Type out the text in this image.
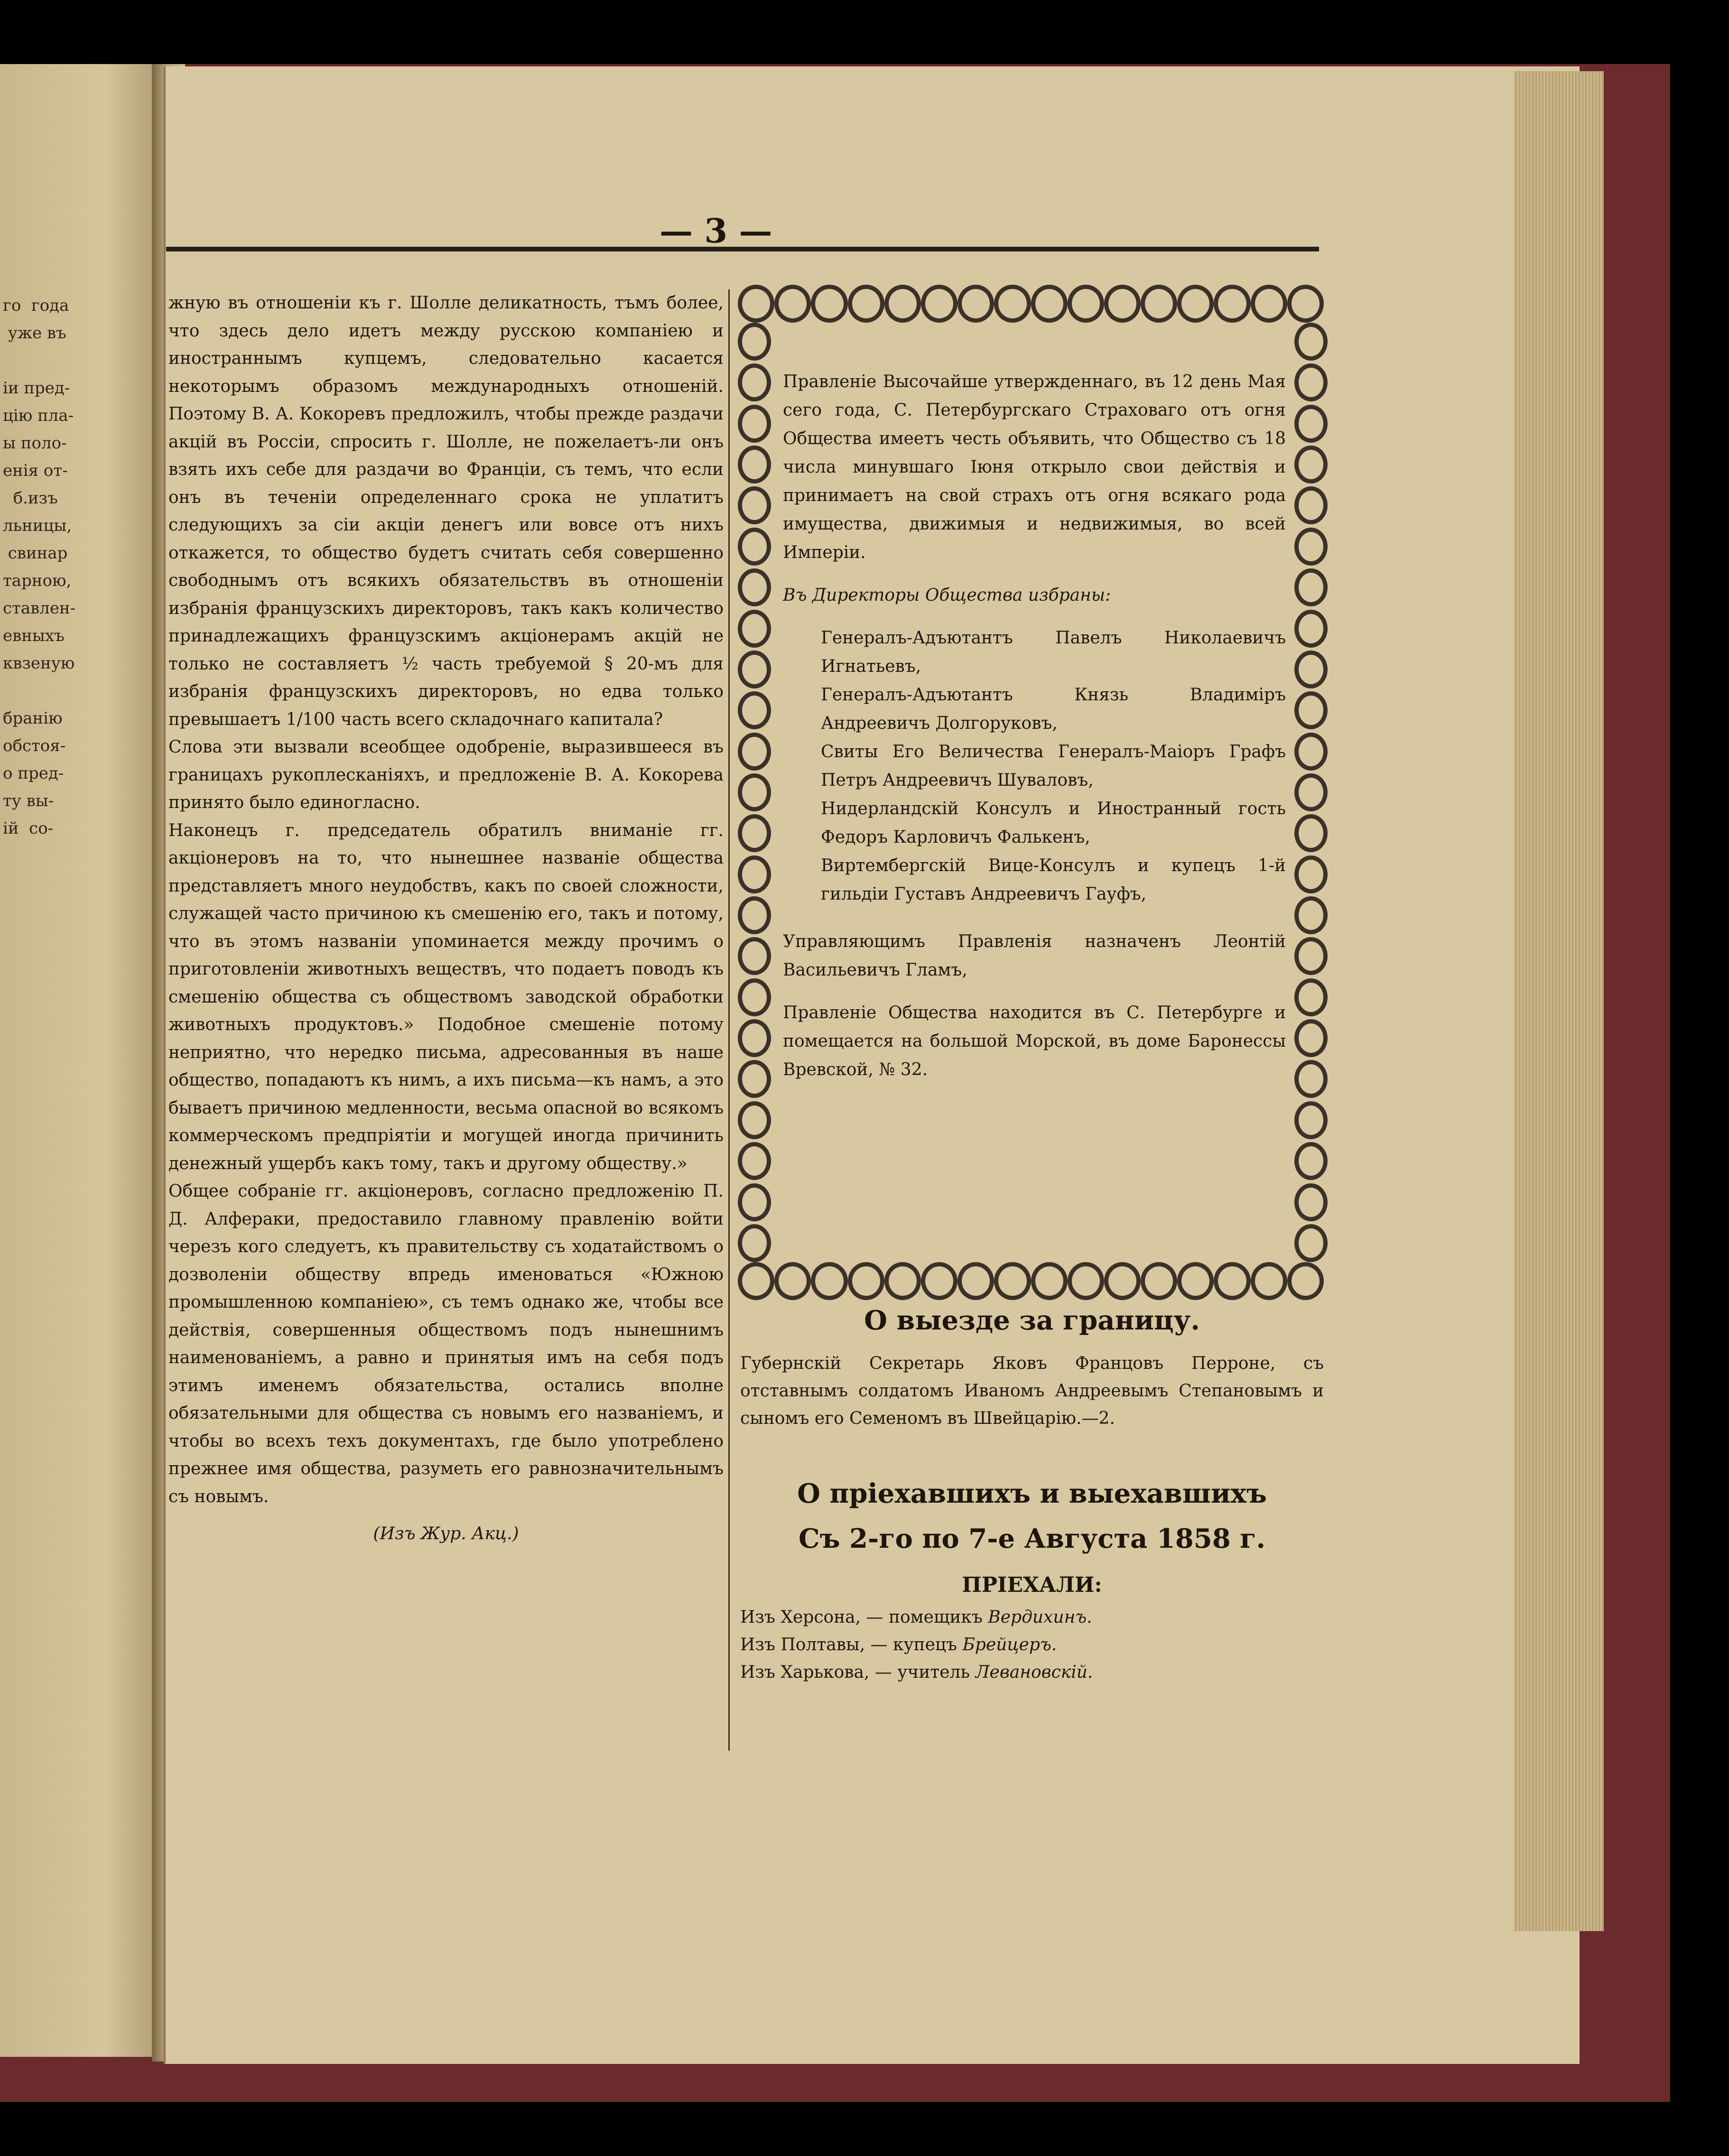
го  года
уже въ

iи пред-
цію пла-
ы поло-
енiя от-
б.изъ
льницы,
свинар
тарною,
ставлен-
евныхъ
квзеную

бранію
обстоя-
о пред-
ту вы-
iй  со-
— 3 —

жную въ отношенiи къ г. Шолле деликатность, тъмъ более, что здесь дело идетъ между русскою компанiею и иностраннымъ купцемъ, следовательно касается некоторымъ образомъ международныхъ отношенiй. Поэтому В. А. Кокоревъ предложилъ, чтобы прежде раздачи акцiй въ Россiи, спросить г. Шолле, не пожелаетъ-ли онъ взять ихъ себе для раздачи во Францiи, съ темъ, что если онъ въ теченiи определеннаго срока не уплатитъ следующихъ за сiи акцiи денегъ или вовсе отъ нихъ откажется, то общество будетъ считать себя совершенно свободнымъ отъ всякихъ обязательствъ въ отношенiи избранiя французскихъ директоровъ, такъ какъ количество принадлежащихъ французскимъ акцiонерамъ акцiй не только не составляетъ ½ часть требуемой § 20-мъ для избранiя французскихъ директоровъ, но едва только превышаетъ 1/100 часть всего складочнаго капитала?

Слова эти вызвали всеобщее одобренiе, выразившееся въ границахъ рукоплесканiяхъ, и предложенiе В. А. Кокорева принято было единогласно.

Наконецъ г. председатель обратилъ вниманiе гг. акцiонеровъ на то, что нынешнее названiе общества представляетъ много неудобствъ, какъ по своей сложности, служащей часто причиною къ смешенiю его, такъ и потому, что въ этомъ названiи упоминается между прочимъ о приготовленiи животныхъ веществъ, что подаетъ поводъ къ смешенiю общества съ обществомъ заводской обработки животныхъ продуктовъ.» Подобное смешенiе потому неприятно, что нередко письма, адресованныя въ наше общество, попадаютъ къ нимъ, а ихъ письма—къ намъ, а это бываетъ причиною медленности, весьма опасной во всякомъ коммерческомъ предпрiятiи и могущей иногда причинить денежный ущербъ какъ тому, такъ и другому обществу.»

Общее собранiе гг. акцiонеровъ, согласно предложенiю П. Д. Алфераки, предоставило главному правленiю войти черезъ кого следуетъ, къ правительству съ ходатайствомъ о дозволенiи обществу впредь именоваться «Южною промышленною компанiею», съ темъ однако же, чтобы все действiя, совершенныя обществомъ подъ нынешнимъ наименованiемъ, а равно и принятыя имъ на себя подъ этимъ именемъ обязательства, остались вполне обязательными для общества съ новымъ его названiемъ, и чтобы во всехъ техъ документахъ, где было употреблено прежнее имя общества, разуметь его равнозначительнымъ съ новымъ.

(Изъ Жур. Акц.)

Правленiе Высочайше утвержденнаго, въ 12 день Мая сего года, С. Петербургскаго Страховаго отъ огня Общества имеетъ честь объявить, что Общество съ 18 числа минувшаго Iюня открыло свои действiя и принимаетъ на свой страхъ отъ огня всякаго рода имущества, движимыя и недвижимыя, во всей Имперiи.

Въ Директоры Общества избраны:

Генералъ-Адъютантъ Павелъ Николаевичъ Игнатьевъ,

Генералъ-Адъютантъ Князь Владимiръ Андреевичъ Долгоруковъ,

Свиты Его Величества Генералъ-Маiоръ Графъ Петръ Андреевичъ Шуваловъ,

Нидерландскiй Консулъ и Иностранный гость Федоръ Карловичъ Фалькенъ,

Виртембергскiй Вице-Консулъ и купецъ 1-й гильдiи Густавъ Андреевичъ Гауфъ,

Управляющимъ Правленiя назначенъ Леонтiй Васильевичъ Гламъ,

Правленiе Общества находится въ С. Петербурге и помещается на большой Морской, въ доме Баронессы Вревской, № 32.

О выезде за границу.
Губернскiй Секретарь Яковъ Францовъ Перроне, съ отставнымъ солдатомъ Иваномъ Андреевымъ Степановымъ и сыномъ его Семеномъ въ Швейцарiю.—2.
О прiехавшихъ и выехавшихъ
Съ 2-го по 7-е Августа 1858 г.
ПРIЕХАЛИ:
Изъ Херсона, — помещикъ Вердихинъ.
Изъ Полтавы, — купецъ Брейцеръ.
Изъ Харькова, — учитель Левановскiй.
